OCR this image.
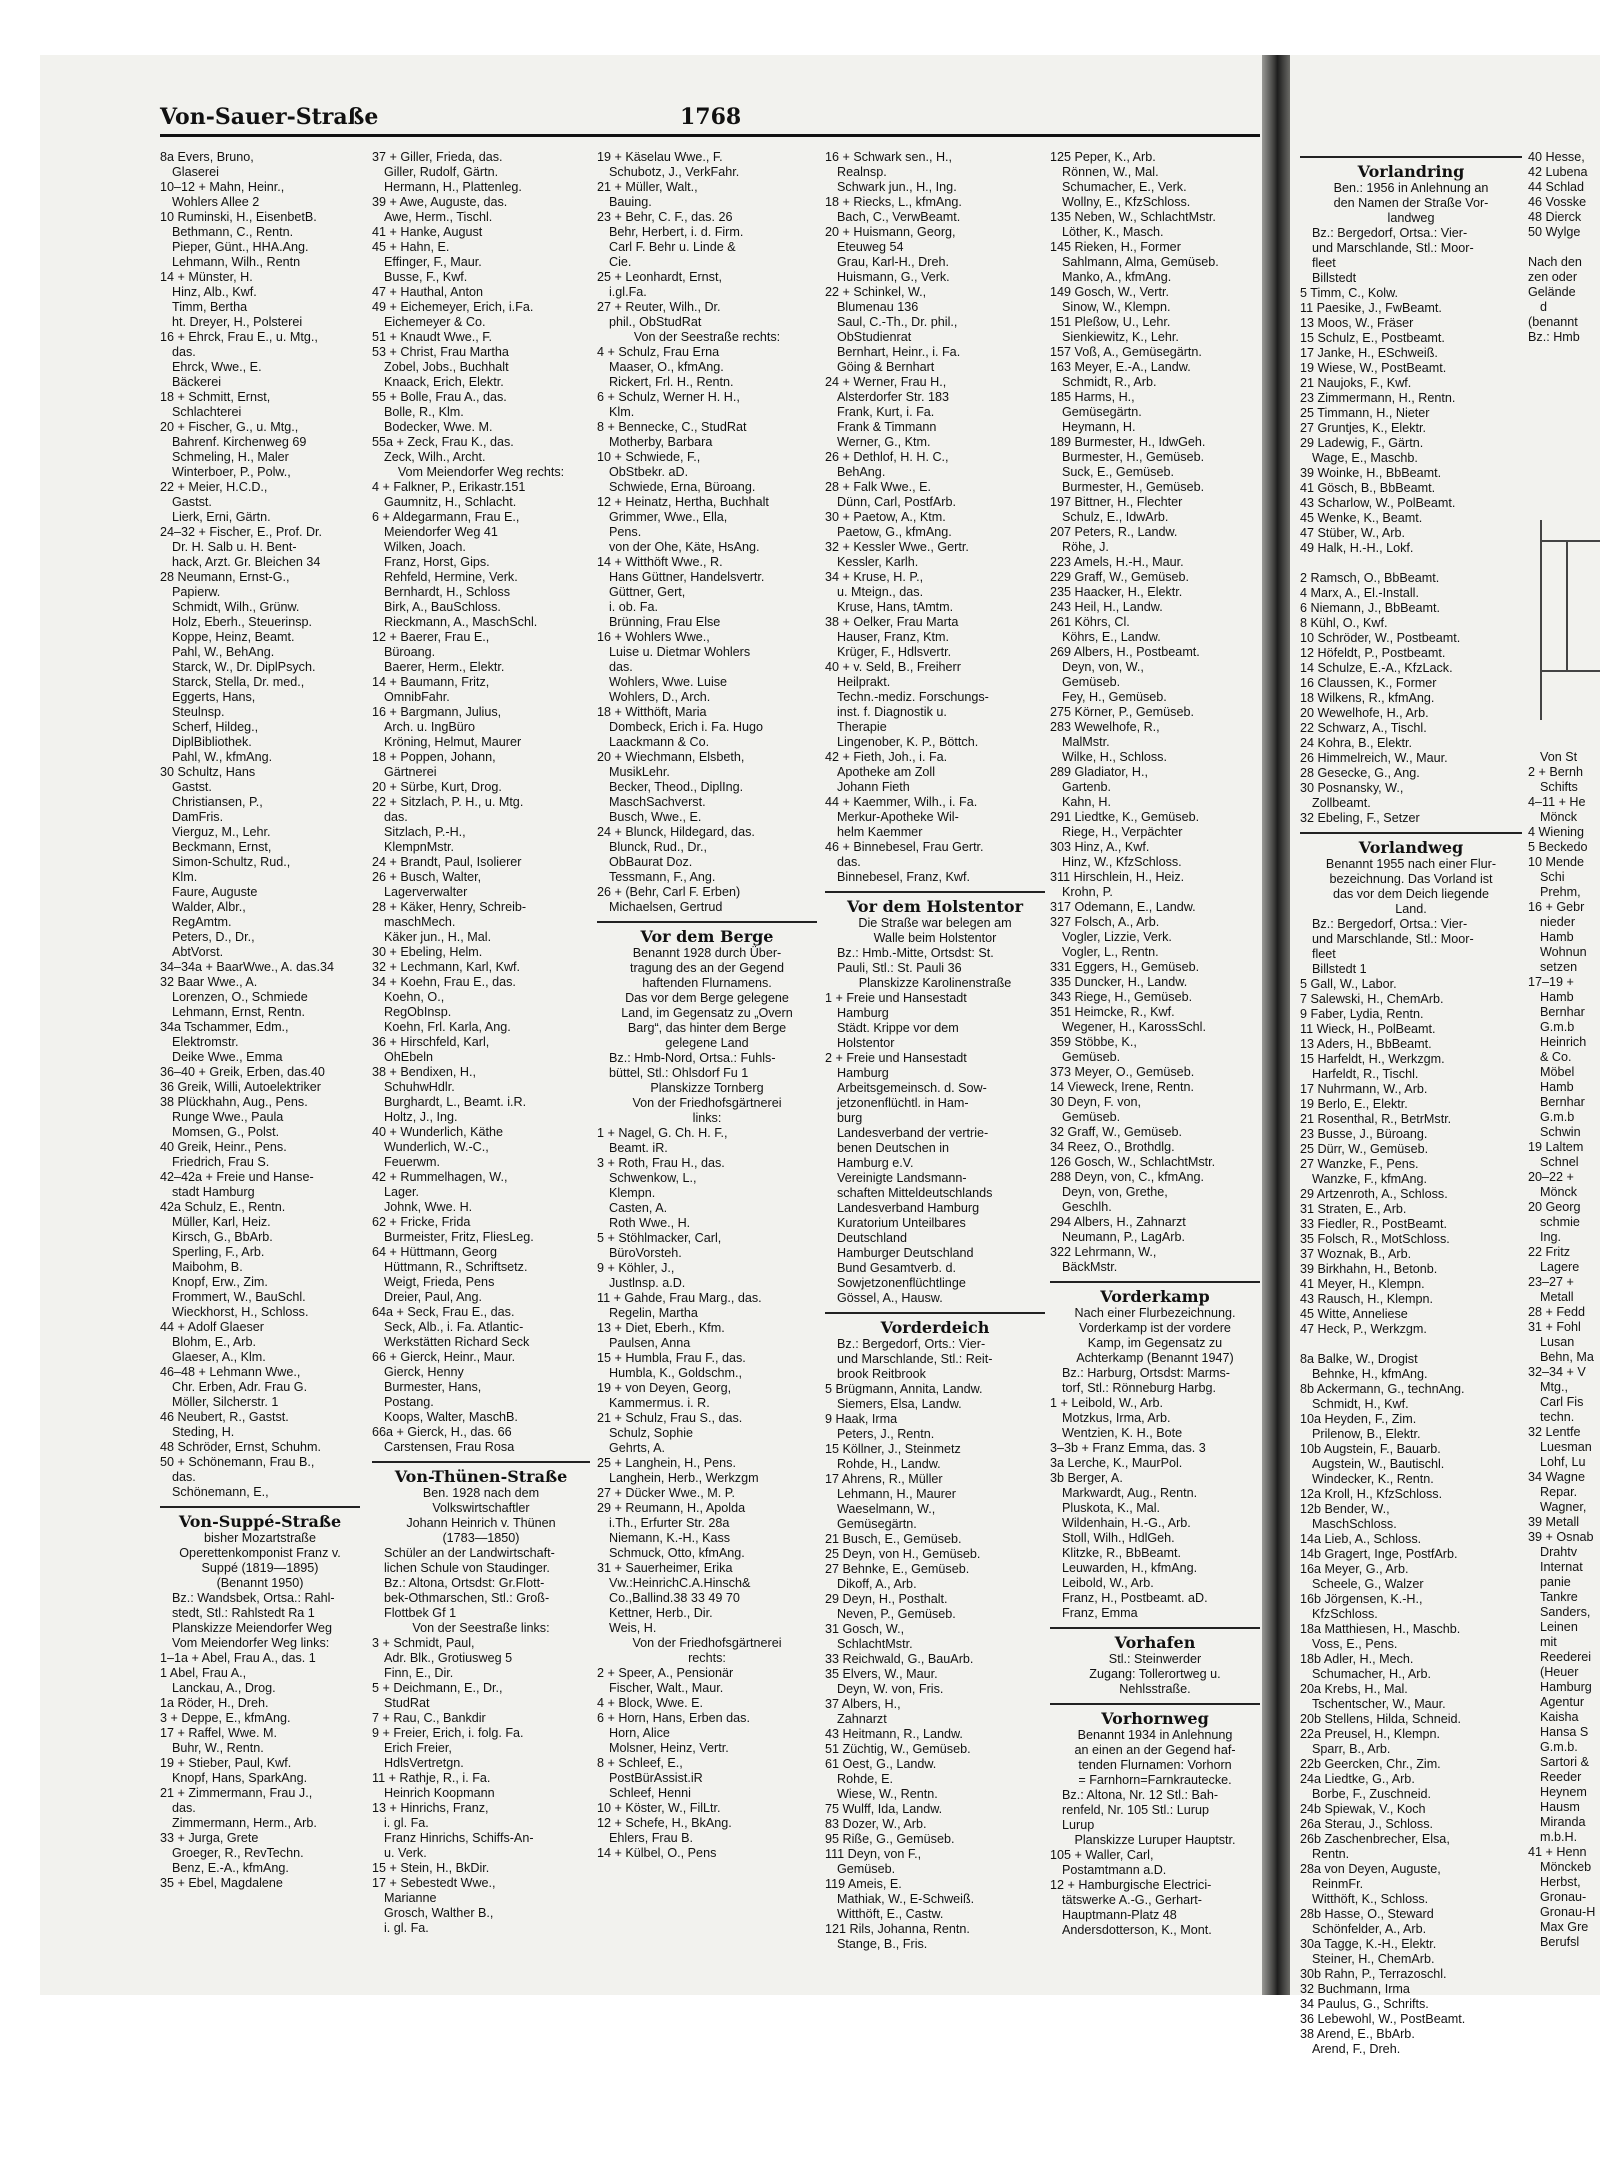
Von-Sauer-Straße	1768
8a Evers, Bruno,
Glaserei
10–12 + Mahn, Heinr.,
Wohlers Allee 2
10 Ruminski, H., EisenbetB.
Bethmann, C., Rentn.
Pieper, Günt., HHA.Ang.
Lehmann, Wilh., Rentn
14 + Münster, H.
Hinz, Alb., Kwf.
Timm, Bertha
ht. Dreyer, H., Polsterei
16 + Ehrck, Frau E., u. Mtg.,
das.
Ehrck, Wwe., E.
Bäckerei
18 + Schmitt, Ernst,
Schlachterei
20 + Fischer, G., u. Mtg.,
Bahrenf. Kirchenweg 69
Schmeling, H., Maler
Winterboer, P., Polw.,
22 + Meier, H.C.D.,
Gastst.
Lierk, Erni, Gärtn.
24–32 + Fischer, E., Prof. Dr.
Dr. H. Salb u. H. Bent-
hack, Arzt. Gr. Bleichen 34
28 Neumann, Ernst-G.,
Papierw.
Schmidt, Wilh., Grünw.
Holz, Eberh., Steuerinsp.
Koppe, Heinz, Beamt.
Pahl, W., BehAng.
Starck, W., Dr. DiplPsych.
Starck, Stella, Dr. med.,
Eggerts, Hans,
Steulnsp.
Scherf, Hildeg.,
DiplBibliothek.
Pahl, W., kfmAng.
30 Schultz, Hans
Gastst.
Christiansen, P.,
DamFris.
Vierguz, M., Lehr.
Beckmann, Ernst,
Simon-Schultz, Rud.,
Klm.
Faure, Auguste
Walder, Albr.,
RegAmtm.
Peters, D., Dr.,
AbtVorst.
34–34a + BaarWwe., A. das.34
32 Baar Wwe., A.
Lorenzen, O., Schmiede
Lehmann, Ernst, Rentn.
34a Tschammer, Edm.,
Elektromstr.
Deike Wwe., Emma
36–40 + Greik, Erben, das.40
36 Greik, Willi, Autoelektriker
38 Plückhahn, Aug., Pens.
Runge Wwe., Paula
Momsen, G., Polst.
40 Greik, Heinr., Pens.
Friedrich, Frau S.
42–42a + Freie und Hanse-
stadt Hamburg
42a Schulz, E., Rentn.
Müller, Karl, Heiz.
Kirsch, G., BbArb.
Sperling, F., Arb.
Maibohm, B.
Knopf, Erw., Zim.
Frommert, W., BauSchl.
Wieckhorst, H., Schloss.
44 + Adolf Glaeser
Blohm, E., Arb.
Glaeser, A., Klm.
46–48 + Lehmann Wwe.,
Chr. Erben, Adr. Frau G.
Möller, Silcherstr. 1
46 Neubert, R., Gastst.
Steding, H.
48 Schröder, Ernst, Schuhm.
50 + Schönemann, Frau B.,
das.
Schönemann, E.,
Von-Suppé-Straße
bisher Mozartstraße
Operettenkomponist Franz v.
Suppé (1819—1895)
(Benannt 1950)
Bz.: Wandsbek, Ortsa.: Rahl-
stedt, Stl.: Rahlstedt Ra 1
Planskizze Meiendorfer Weg
Vom Meiendorfer Weg links:
1–1a + Abel, Frau A., das. 1
1 Abel, Frau A.,
Lanckau, A., Drog.
1a Röder, H., Dreh.
3 + Deppe, E., kfmAng.
17 + Raffel, Wwe. M.
Buhr, W., Rentn.
19 + Stieber, Paul, Kwf.
Knopf, Hans, SparkAng.
21 + Zimmermann, Frau J.,
das.
Zimmermann, Herm., Arb.
33 + Jurga, Grete
Groeger, R., RevTechn.
Benz, E.-A., kfmAng.
35 + Ebel, Magdalene
37 + Giller, Frieda, das.
Giller, Rudolf, Gärtn.
Hermann, H., Plattenleg.
39 + Awe, Auguste, das.
Awe, Herm., Tischl.
41 + Hanke, August
45 + Hahn, E.
Effinger, F., Maur.
Busse, F., Kwf.
47 + Hauthal, Anton
49 + Eichemeyer, Erich, i.Fa.
Eichemeyer & Co.
51 + Knaudt Wwe., F.
53 + Christ, Frau Martha
Zobel, Jobs., Buchhalt
Knaack, Erich, Elektr.
55 + Bolle, Frau A., das.
Bolle, R., Klm.
Bodecker, Wwe. M.
55a + Zeck, Frau K., das.
Zeck, Wilh., Archt.
Vom Meiendorfer Weg rechts:
4 + Falkner, P., Erikastr.151
Gaumnitz, H., Schlacht.
6 + Aldegarmann, Frau E.,
Meiendorfer Weg 41
Wilken, Joach.
Franz, Horst, Gips.
Rehfeld, Hermine, Verk.
Bernhardt, H., Schloss
Birk, A., BauSchloss.
Rieckmann, A., MaschSchl.
12 + Baerer, Frau E.,
Büroang.
Baerer, Herm., Elektr.
14 + Baumann, Fritz,
OmnibFahr.
16 + Bargmann, Julius,
Arch. u. IngBüro
Kröning, Helmut, Maurer
18 + Poppen, Johann,
Gärtnerei
20 + Sürbe, Kurt, Drog.
22 + Sitzlach, P. H., u. Mtg.
das.
Sitzlach, P.-H.,
KlempnMstr.
24 + Brandt, Paul, Isolierer
26 + Busch, Walter,
Lagerverwalter
28 + Käker, Henry, Schreib-
maschMech.
Käker jun., H., Mal.
30 + Ebeling, Helm.
32 + Lechmann, Karl, Kwf.
34 + Koehn, Frau E., das.
Koehn, O.,
RegObInsp.
Koehn, Frl. Karla, Ang.
36 + Hirschfeld, Karl,
OhEbeln
38 + Bendixen, H.,
SchuhwHdlr.
Burghardt, L., Beamt. i.R.
Holtz, J., Ing.
40 + Wunderlich, Käthe
Wunderlich, W.-C.,
Feuerwm.
42 + Rummelhagen, W.,
Lager.
Johnk, Wwe. H.
62 + Fricke, Frida
Burmeister, Fritz, FliesLeg.
64 + Hüttmann, Georg
Hüttmann, R., Schriftsetz.
Weigt, Frieda, Pens
Dreier, Paul, Ang.
64a + Seck, Frau E., das.
Seck, Alb., i. Fa. Atlantic-
Werkstätten Richard Seck
66 + Gierck, Heinr., Maur.
Gierck, Henny
Burmester, Hans,
Postang.
Koops, Walter, MaschB.
66a + Gierck, H., das. 66
Carstensen, Frau Rosa
Von-Thünen-Straße
Ben. 1928 nach dem
Volkswirtschaftler
Johann Heinrich v. Thünen
(1783—1850)
Schüler an der Landwirtschaft-
lichen Schule von Staudinger.
Bz.: Altona, Ortsdst: Gr.Flott-
bek-Othmarschen, Stl.: Groß-
Flottbek Gf 1
Von der Seestraße links:
3 + Schmidt, Paul,
Adr. Blk., Grotiusweg 5
Finn, E., Dir.
5 + Deichmann, E., Dr.,
StudRat
7 + Rau, C., Bankdir
9 + Freier, Erich, i. folg. Fa.
Erich Freier,
HdlsVertretgn.
11 + Rathje, R., i. Fa.
Heinrich Koopmann
13 + Hinrichs, Franz,
i. gl. Fa.
Franz Hinrichs, Schiffs-An-
u. Verk.
15 + Stein, H., BkDir.
17 + Sebestedt Wwe.,
Marianne
Grosch, Walther B.,
i. gl. Fa.
19 + Käselau Wwe., F.
Schubotz, J., VerkFahr.
21 + Müller, Walt.,
Bauing.
23 + Behr, C. F., das. 26
Behr, Herbert, i. d. Firm.
Carl F. Behr u. Linde &
Cie.
25 + Leonhardt, Ernst,
i.gl.Fa.
27 + Reuter, Wilh., Dr.
phil., ObStudRat
Von der Seestraße rechts:
4 + Schulz, Frau Erna
Maaser, O., kfmAng.
Rickert, Frl. H., Rentn.
6 + Schulz, Werner H. H.,
Klm.
8 + Bennecke, C., StudRat
Motherby, Barbara
10 + Schwiede, F.,
ObStbekr. aD.
Schwiede, Erna, Büroang.
12 + Heinatz, Hertha, Buchhalt
Grimmer, Wwe., Ella,
Pens.
von der Ohe, Käte, HsAng.
14 + Witthöft Wwe., R.
Hans Güttner, Handelsvertr.
Güttner, Gert,
i. ob. Fa.
Brünning, Frau Else
16 + Wohlers Wwe.,
Luise u. Dietmar Wohlers
das.
Wohlers, Wwe. Luise
Wohlers, D., Arch.
18 + Witthöft, Maria
Dombeck, Erich i. Fa. Hugo
Laackmann & Co.
20 + Wiechmann, Elsbeth,
MusikLehr.
Becker, Theod., DiplIng.
MaschSachverst.
Busch, Wwe., E.
24 + Blunck, Hildegard, das.
Blunck, Rud., Dr.,
ObBaurat Doz.
Tessmann, F., Ang.
26 + (Behr, Carl F. Erben)
Michaelsen, Gertrud
Vor dem Berge
Benannt 1928 durch Über-
tragung des an der Gegend
haftenden Flurnamens.
Das vor dem Berge gelegene
Land, im Gegensatz zu „Overn
Barg“, das hinter dem Berge
gelegene Land
Bz.: Hmb-Nord, Ortsa.: Fuhls-
büttel, Stl.: Ohlsdorf Fu 1
Planskizze Tornberg
Von der Friedhofsgärtnerei
links:
1 + Nagel, G. Ch. H. F.,
Beamt. iR.
3 + Roth, Frau H., das.
Schwenkow, L.,
Klempn.
Casten, A.
Roth Wwe., H.
5 + Stöhlmacker, Carl,
BüroVorsteh.
9 + Köhler, J.,
Justlnsp. a.D.
11 + Gahde, Frau Marg., das.
Regelin, Martha
13 + Diet, Eberh., Kfm.
Paulsen, Anna
15 + Humbla, Frau F., das.
Humbla, K., Goldschm.,
19 + von Deyen, Georg,
Kammermus. i. R.
21 + Schulz, Frau S., das.
Schulz, Sophie
Gehrts, A.
25 + Langhein, H., Pens.
Langhein, Herb., Werkzgm
27 + Dücker Wwe., M. P.
29 + Reumann, H., Apolda
i.Th., Erfurter Str. 28a
Niemann, K.-H., Kass
Schmuck, Otto, kfmAng.
31 + Sauerheimer, Erika
Vw.:HeinrichC.A.Hinsch&
Co.,Ballind.38 33 49 70
Kettner, Herb., Dir.
Weis, H.
Von der Friedhofsgärtnerei
rechts:
2 + Speer, A., Pensionär
Fischer, Walt., Maur.
4 + Block, Wwe. E.
6 + Horn, Hans, Erben das.
Horn, Alice
Molsner, Heinz, Vertr.
8 + Schleef, E.,
PostBürAssist.iR
Schleef, Henni
10 + Köster, W., FilLtr.
12 + Schefe, H., BkAng.
Ehlers, Frau B.
14 + Külbel, O., Pens
16 + Schwark sen., H.,
Realnsp.
Schwark jun., H., Ing.
18 + Riecks, L., kfmAng.
Bach, C., VerwBeamt.
20 + Huismann, Georg,
Eteuweg 54
Grau, Karl-H., Dreh.
Huismann, G., Verk.
22 + Schinkel, W.,
Blumenau 136
Saul, C.-Th., Dr. phil.,
ObStudienrat
Bernhart, Heinr., i. Fa.
Göing & Bernhart
24 + Werner, Frau H.,
Alsterdorfer Str. 183
Frank, Kurt, i. Fa.
Frank & Timmann
Werner, G., Ktm.
26 + Dethlof, H. H. C.,
BehAng.
28 + Falk Wwe., E.
Dünn, Carl, PostfArb.
30 + Paetow, A., Ktm.
Paetow, G., kfmAng.
32 + Kessler Wwe., Gertr.
Kessler, Karlh.
34 + Kruse, H. P.,
u. Mteign., das.
Kruse, Hans, tAmtm.
38 + Oelker, Frau Marta
Hauser, Franz, Ktm.
Krüger, F., Hdlsvertr.
40 + v. Seld, B., Freiherr
Heilprakt.
Techn.-mediz. Forschungs-
inst. f. Diagnostik u.
Therapie
Lingenober, K. P., Böttch.
42 + Fieth, Joh., i. Fa.
Apotheke am Zoll
Johann Fieth
44 + Kaemmer, Wilh., i. Fa.
Merkur-Apotheke Wil-
helm Kaemmer
46 + Binnebesel, Frau Gertr.
das.
Binnebesel, Franz, Kwf.
Vor dem Holstentor
Die Straße war belegen am
Walle beim Holstentor
Bz.: Hmb.-Mitte, Ortsdst: St.
Pauli, Stl.: St. Pauli 36
Planskizze Karolinenstraße
1 + Freie und Hansestadt
Hamburg
Städt. Krippe vor dem
Holstentor
2 + Freie und Hansestadt
Hamburg
Arbeitsgemeinsch. d. Sow-
jetzonenflüchtl. in Ham-
burg
Landesverband der vertrie-
benen Deutschen in
Hamburg e.V.
Vereinigte Landsmann-
schaften Mitteldeutschlands
Landesverband Hamburg
Kuratorium Unteilbares
Deutschland
Hamburger Deutschland
Bund Gesamtverb. d.
Sowjetzonenflüchtlinge
Gössel, A., Hausw.
Vorderdeich
Bz.: Bergedorf, Orts.: Vier-
und Marschlande, Stl.: Reit-
brook Reitbrook
5 Brügmann, Annita, Landw.
Siemers, Elsa, Landw.
9 Haak, Irma
Peters, J., Rentn.
15 Köllner, J., Steinmetz
Rohde, H., Landw.
17 Ahrens, R., Müller
Lehmann, H., Maurer
Waeselmann, W.,
Gemüsegärtn.
21 Busch, E., Gemüseb.
25 Deyn, von H., Gemüseb.
27 Behnke, E., Gemüseb.
Dikoff, A., Arb.
29 Deyn, H., Posthalt.
Neven, P., Gemüseb.
31 Gosch, W.,
SchlachtMstr.
33 Reichwald, G., BauArb.
35 Elvers, W., Maur.
Deyn, W. von, Fris.
37 Albers, H.,
Zahnarzt
43 Heitmann, R., Landw.
51 Züchtig, W., Gemüseb.
61 Oest, G., Landw.
Rohde, E.
Wiese, W., Rentn.
75 Wulff, Ida, Landw.
83 Dozer, W., Arb.
95 Riße, G., Gemüseb.
111 Deyn, von F.,
Gemüseb.
119 Ameis, E.
Mathiak, W., E-Schweiß.
Witthöft, E., Castw.
121 Rils, Johanna, Rentn.
Stange, B., Fris.
125 Peper, K., Arb.
Rönnen, W., Mal.
Schumacher, E., Verk.
Wollny, E., KfzSchloss.
135 Neben, W., SchlachtMstr.
Löther, K., Masch.
145 Rieken, H., Former
Sahlmann, Alma, Gemüseb.
Manko, A., kfmAng.
149 Gosch, W., Vertr.
Sinow, W., Klempn.
151 Pleßow, U., Lehr.
Sienkiewitz, K., Lehr.
157 Voß, A., Gemüsegärtn.
163 Meyer, E.-A., Landw.
Schmidt, R., Arb.
185 Harms, H.,
Gemüsegärtn.
Heymann, H.
189 Burmester, H., IdwGeh.
Burmester, H., Gemüseb.
Suck, E., Gemüseb.
Burmester, H., Gemüseb.
197 Bittner, H., Flechter
Schulz, E., IdwArb.
207 Peters, R., Landw.
Röhe, J.
223 Amels, H.-H., Maur.
229 Graff, W., Gemüseb.
235 Haacker, H., Elektr.
243 Heil, H., Landw.
261 Köhrs, Cl.
Köhrs, E., Landw.
269 Albers, H., Postbeamt.
Deyn, von, W.,
Gemüseb.
Fey, H., Gemüseb.
275 Körner, P., Gemüseb.
283 Wewelhofe, R.,
MalMstr.
Wilke, H., Schloss.
289 Gladiator, H.,
Gartenb.
Kahn, H.
291 Liedtke, K., Gemüseb.
Riege, H., Verpächter
303 Hinz, A., Kwf.
Hinz, W., KfzSchloss.
311 Hirschlein, H., Heiz.
Krohn, P.
317 Odemann, E., Landw.
327 Folsch, A., Arb.
Vogler, Lizzie, Verk.
Vogler, L., Rentn.
331 Eggers, H., Gemüseb.
335 Duncker, H., Landw.
343 Riege, H., Gemüseb.
351 Heimcke, R., Kwf.
Wegener, H., KarossSchl.
359 Stöbbe, K.,
Gemüseb.
373 Meyer, O., Gemüseb.
14 Vieweck, Irene, Rentn.
30 Deyn, F. von,
Gemüseb.
32 Graff, W., Gemüseb.
34 Reez, O., Brothdlg.
126 Gosch, W., SchlachtMstr.
288 Deyn, von, C., kfmAng.
Deyn, von, Grethe,
Geschlh.
294 Albers, H., Zahnarzt
Neumann, P., LagArb.
322 Lehrmann, W.,
BäckMstr.
Vorderkamp
Nach einer Flurbezeichnung.
Vorderkamp ist der vordere
Kamp, im Gegensatz zu
Achterkamp (Benannt 1947)
Bz.: Harburg, Ortsdst: Marms-
torf, Stl.: Rönneburg Harbg.
1 + Leibold, W., Arb.
Motzkus, Irma, Arb.
Wentzien, K. H., Bote
3–3b + Franz Emma, das. 3
3a Lerche, K., MaurPol.
3b Berger, A.
Markwardt, Aug., Rentn.
Pluskota, K., Mal.
Wildenhain, H.-G., Arb.
Stoll, Wilh., HdlGeh.
Klitzke, R., BbBeamt.
Leuwarden, H., kfmAng.
Leibold, W., Arb.
Franz, H., Postbeamt. aD.
Franz, Emma
Vorhafen
Stl.: Steinwerder
Zugang: Tollerortweg u.
Nehlsstraße.
Vorhornweg
Benannt 1934 in Anlehnung
an einen an der Gegend haf-
tenden Flurnamen: Vorhorn
= Farnhorn=Farnkrautecke.
Bz.: Altona, Nr. 12 Stl.: Bah-
renfeld, Nr. 105 Stl.: Lurup
Lurup
Planskizze Luruper Hauptstr.
105 + Waller, Carl,
Postamtmann a.D.
12 + Hamburgische Electrici-
tätswerke A.-G., Gerhart-
Hauptmann-Platz 48
Andersdotterson, K., Mont.
Vorlandring
Ben.: 1956 in Anlehnung an
den Namen der Straße Vor-
landweg
Bz.: Bergedorf, Ortsa.: Vier-
und Marschlande, Stl.: Moor-
fleet
Billstedt
5 Timm, C., Kolw.
11 Paesike, J., FwBeamt.
13 Moos, W., Fräser
15 Schulz, E., Postbeamt.
17 Janke, H., ESchweiß.
19 Wiese, W., PostBeamt.
21 Naujoks, F., Kwf.
23 Zimmermann, H., Rentn.
25 Timmann, H., Nieter
27 Gruntjes, K., Elektr.
29 Ladewig, F., Gärtn.
Wage, E., Maschb.
39 Woinke, H., BbBeamt.
41 Gösch, B., BbBeamt.
43 Scharlow, W., PolBeamt.
45 Wenke, K., Beamt.
47 Stüber, W., Arb.
49 Halk, H.-H., Lokf.

2 Ramsch, O., BbBeamt.
4 Marx, A., El.-Install.
6 Niemann, J., BbBeamt.
8 Kühl, O., Kwf.
10 Schröder, W., Postbeamt.
12 Höfeldt, P., Postbeamt.
14 Schulze, E.-A., KfzLack.
16 Claussen, K., Former
18 Wilkens, R., kfmAng.
20 Wewelhofe, H., Arb.
22 Schwarz, A., Tischl.
24 Kohra, B., Elektr.
26 Himmelreich, W., Maur.
28 Gesecke, G., Ang.
30 Posnansky, W.,
Zollbeamt.
32 Ebeling, F., Setzer
Vorlandweg
Benannt 1955 nach einer Flur-
bezeichnung. Das Vorland ist
das vor dem Deich liegende
Land.
Bz.: Bergedorf, Ortsa.: Vier-
und Marschlande, Stl.: Moor-
fleet
Billstedt 1
5 Gall, W., Labor.
7 Salewski, H., ChemArb.
9 Faber, Lydia, Rentn.
11 Wieck, H., PolBeamt.
13 Aders, H., BbBeamt.
15 Harfeldt, H., Werkzgm.
Harfeldt, R., Tischl.
17 Nuhrmann, W., Arb.
19 Berlo, E., Elektr.
21 Rosenthal, R., BetrMstr.
23 Busse, J., Büroang.
25 Dürr, W., Gemüseb.
27 Wanzke, F., Pens.
Wanzke, F., kfmAng.
29 Artzenroth, A., Schloss.
31 Straten, E., Arb.
33 Fiedler, R., PostBeamt.
35 Folsch, R., MotSchloss.
37 Woznak, B., Arb.
39 Birkhahn, H., Betonb.
41 Meyer, H., Klempn.
43 Rausch, H., Klempn.
45 Witte, Anneliese
47 Heck, P., Werkzgm.

8a Balke, W., Drogist
Behnke, H., kfmAng.
8b Ackermann, G., technAng.
Schmidt, H., Kwf.
10a Heyden, F., Zim.
Prilenow, B., Elektr.
10b Augstein, F., Bauarb.
Augstein, W., Bautischl.
Windecker, K., Rentn.
12a Kroll, H., KfzSchloss.
12b Bender, W.,
MaschSchloss.
14a Lieb, A., Schloss.
14b Gragert, Inge, PostfArb.
16a Meyer, G., Arb.
Scheele, G., Walzer
16b Jörgensen, K.-H.,
KfzSchloss.
18a Matthiesen, H., Maschb.
Voss, E., Pens.
18b Adler, H., Mech.
Schumacher, H., Arb.
20a Krebs, H., Mal.
Tschentscher, W., Maur.
20b Stellens, Hilda, Schneid.
22a Preusel, H., Klempn.
Sparr, B., Arb.
22b Geercken, Chr., Zim.
24a Liedtke, G., Arb.
Borbe, F., Zuschneid.
24b Spiewak, V., Koch
26a Sterau, J., Schloss.
26b Zaschenbrecher, Elsa,
Rentn.
28a von Deyen, Auguste,
ReinmFr.
Witthöft, K., Schloss.
28b Hasse, O., Steward
Schönfelder, A., Arb.
30a Tagge, K.-H., Elektr.
Steiner, H., ChemArb.
30b Rahn, P., Terrazoschl.
32 Buchmann, Irma
34 Paulus, G., Schrifts.
36 Lebewohl, W., PostBeamt.
38 Arend, E., BbArb.
Arend, F., Dreh.
40 Hesse,
42 Lubena
44 Schlad
46 Vosske
48 Dierck
50 Wylge

Nach den
zen oder
Gelände
d
(benannt
Bz.: Hmb

Von St
2 + Bernh
Schifts
4–11 + He
Mönck
4 Wiening
5 Beckedo
10 Mende
Schi
Prehm,
16 + Gebr
nieder
Hamb
Wohnun
setzen
17–19 +
Hamb
Bernhar
G.m.b
Heinrich
& Co.
Möbel
Hamb
Bernhar
G.m.b
Schwin
19 Laltem
Schnel
20–22 +
Mönck
20 Georg
schmie
Ing.
22 Fritz
Lagere
23–27 +
Metall
28 + Fedd
31 + Fohl
Lusan
Behn, Ma
32–34 + V
Mtg.,
Carl Fis
techn.
32 Lentfe
Luesman
Lohf, Lu
34 Wagne
Repar.
Wagner,
39 Metall
39 + Osnab
Drahtv
Internat
panie
Tankre
Sanders,
Leinen
mit
Reederei
(Heuer
Hamburg
Agentur
Kaisha
Hansa S
G.m.b.
Sartori &
Reeder
Heynem
Hausm
Miranda
m.b.H.
41 + Henn
Mönckeb
Herbst,
Gronau-
Gronau-H
Max Gre
Berufsl
